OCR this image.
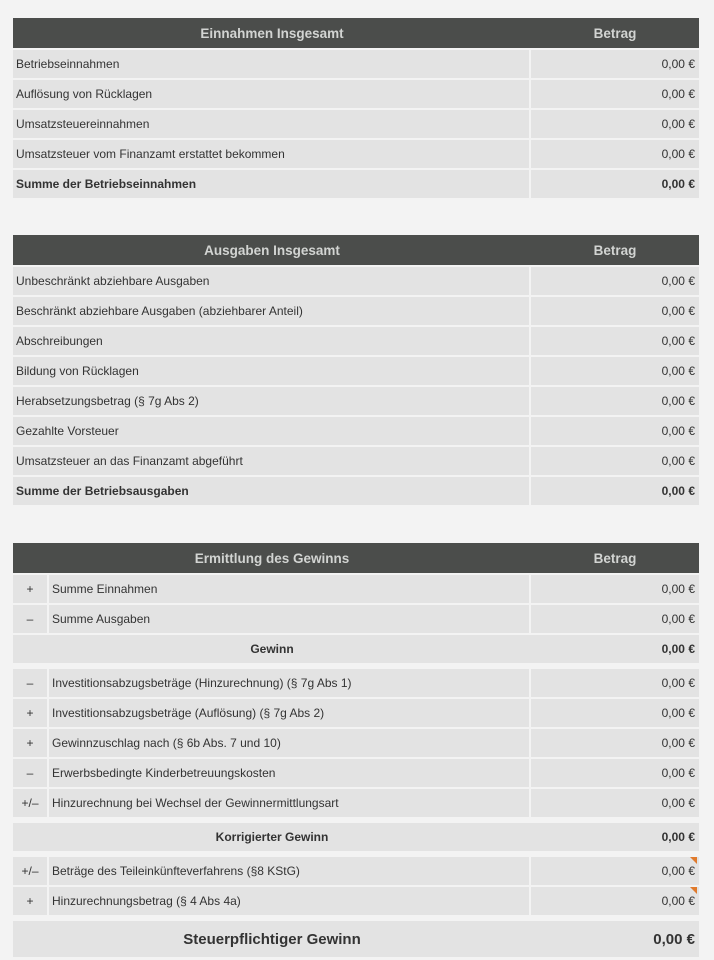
Einnahmen Insgesamt	Betrag
Betriebseinnahmen	0,00 €
Auflösung von Rücklagen	0,00 €
Umsatzsteuereinnahmen	0,00 €
Umsatzsteuer vom Finanzamt erstattet bekommen	0,00 €
Summe der Betriebseinnahmen	0,00 €
Ausgaben Insgesamt	Betrag
Unbeschränkt abziehbare Ausgaben	0,00 €
Beschränkt abziehbare Ausgaben (abziehbarer Anteil)	0,00 €
Abschreibungen	0,00 €
Bildung von Rücklagen	0,00 €
Herabsetzungsbetrag (§ 7g Abs 2)	0,00 €
Gezahlte Vorsteuer	0,00 €
Umsatzsteuer an das Finanzamt abgeführt	0,00 €
Summe der Betriebsausgaben	0,00 €
Ermittlung des Gewinns	Betrag
+	Summe Einnahmen	0,00 €
–	Summe Ausgaben	0,00 €
Gewinn	0,00 €
–	Investitionsabzugsbeträge (Hinzurechnung) (§ 7g Abs 1)	0,00 €
+	Investitionsabzugsbeträge (Auflösung) (§ 7g Abs 2)	0,00 €
+	Gewinnzuschlag nach (§ 6b Abs. 7 und 10)	0,00 €
–	Erwerbsbedingte Kinderbetreuungskosten	0,00 €
+/–	Hinzurechnung bei Wechsel der Gewinnermittlungsart	0,00 €
Korrigierter Gewinn	0,00 €
+/–	Beträge des Teileinkünfteverfahrens (§8 KStG)	0,00 €
+	Hinzurechnungsbetrag (§ 4 Abs 4a)	0,00 €
Steuerpflichtiger Gewinn	0,00 €
